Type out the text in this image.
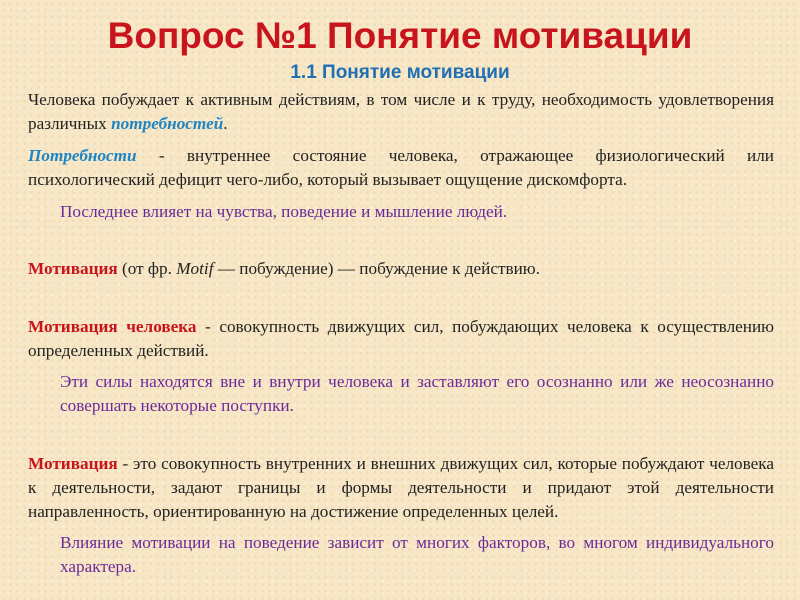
Вопрос №1 Понятие мотивации
1.1 Понятие мотивации

Человека побуждает к активным действиям, в том числе и к труду, необходимость удовлетворения различных потребностей.

Потребности - внутреннее состояние человека, отражающее физиологический или психологический дефицит чего-либо, который вызывает ощущение дискомфорта.

Последнее влияет на чувства, поведение и мышление людей.

Мотивация (от фр. Motif — побуждение) — побуждение к действию.

Мотивация человека - совокупность движущих сил, побуждающих человека к осуществлению определенных действий.

Эти силы находятся вне и внутри человека и заставляют его осознанно или же неосознанно совершать некоторые поступки.

Мотивация - это совокупность внутренних и внешних движущих сил, которые побуждают человека к деятельности, задают границы и формы деятельности и придают этой деятельности направленность, ориентированную на достижение определенных целей.

Влияние мотивации на поведение зависит от многих факторов, во многом индивидуального характера.
